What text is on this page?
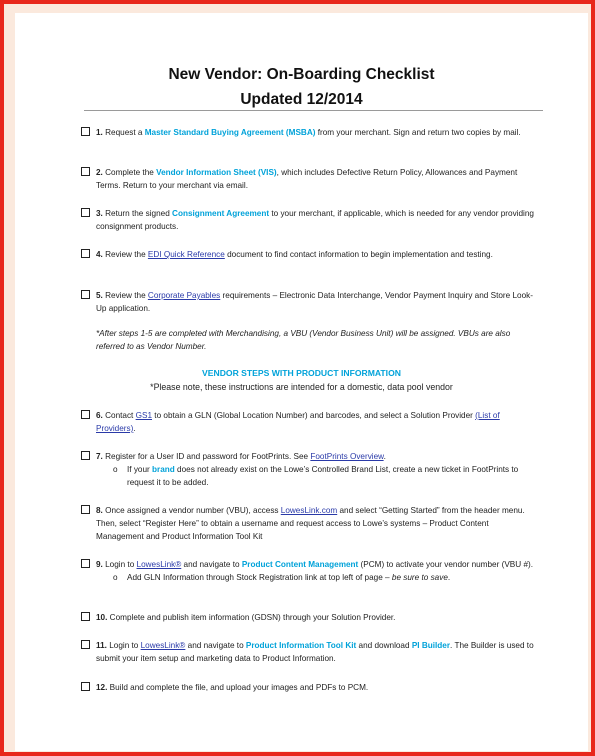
New Vendor: On-Boarding Checklist
Updated 12/2014
1. Request a Master Standard Buying Agreement (MSBA) from your merchant. Sign and return two copies by mail.
2. Complete the Vendor Information Sheet (VIS), which includes Defective Return Policy, Allowances and Payment Terms. Return to your merchant via email.
3. Return the signed Consignment Agreement to your merchant, if applicable, which is needed for any vendor providing consignment products.
4. Review the EDI Quick Reference document to find contact information to begin implementation and testing.
5. Review the Corporate Payables requirements – Electronic Data Interchange, Vendor Payment Inquiry and Store Look-Up application.
*After steps 1-5 are completed with Merchandising, a VBU (Vendor Business Unit) will be assigned. VBUs are also referred to as Vendor Number.
VENDOR STEPS WITH PRODUCT INFORMATION
*Please note, these instructions are intended for a domestic, data pool vendor
6. Contact GS1 to obtain a GLN (Global Location Number) and barcodes, and select a Solution Provider (List of Providers).
7. Register for a User ID and password for FootPrints. See FootPrints Overview.
o If your brand does not already exist on the Lowe’s Controlled Brand List, create a new ticket in FootPrints to request it to be added.
8. Once assigned a vendor number (VBU), access LowesLink.com and select “Getting Started” from the header menu. Then, select “Register Here” to obtain a username and request access to Lowe’s systems – Product Content Management and Product Information Tool Kit
9. Login to LowesLink® and navigate to Product Content Management (PCM) to activate your vendor number (VBU #).
o Add GLN Information through Stock Registration link at top left of page – be sure to save.
10. Complete and publish item information (GDSN) through your Solution Provider.
11. Login to LowesLink® and navigate to Product Information Tool Kit and download PI Builder. The Builder is used to submit your item setup and marketing data to Product Information.
12. Build and complete the file, and upload your images and PDFs to PCM.
